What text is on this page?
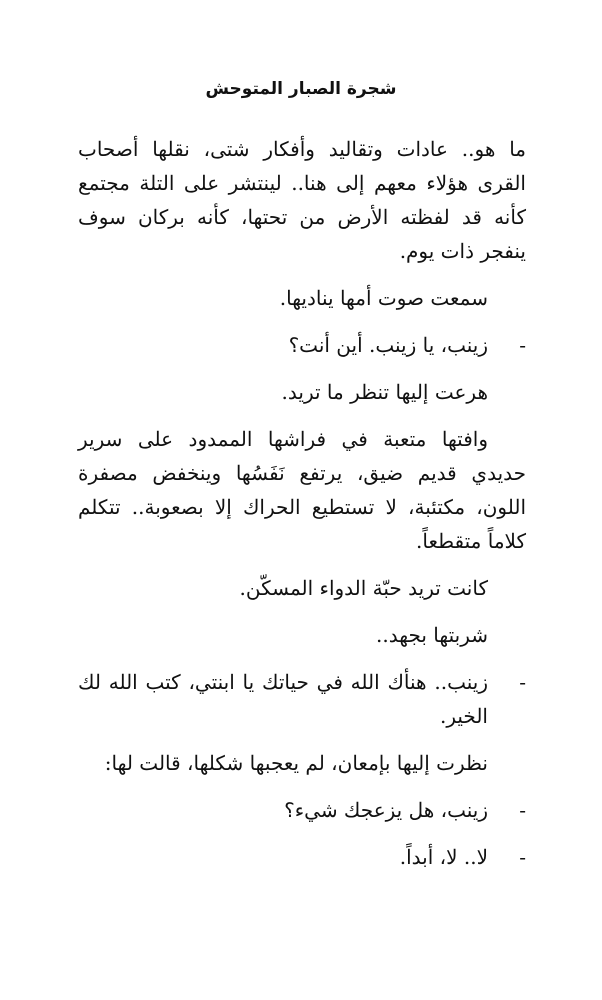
شجرة الصبار المتوحش

ما هو.. عادات وتقاليد وأفكار شتى، نقلها أصحاب القرى هؤلاء معهم إلى هنا.. لينتشر على التلة مجتمع كأنه قد لفظته الأرض من تحتها، كأنه بركان سوف ينفجر ذات يوم.

سمعت صوت أمها يناديها.

-
زينب، يا زينب. أين أنت؟

هرعت إليها تنظر ما تريد.

وافتها متعبة في فراشها الممدود على سرير حديدي قديم ضيق، يرتفع نَفَسُها وينخفض مصفرة اللون، مكتئبة، لا تستطيع الحراك إلا بصعوبة.. تتكلم كلاماً متقطعاً.

كانت تريد حبّة الدواء المسكّن.

شربتها بجهد..

-
زينب.. هنأك الله في حياتك يا ابنتي، كتب الله لك الخير.

نظرت إليها بإمعان، لم يعجبها شكلها، قالت لها:

-
زينب، هل يزعجك شيء؟
-
لا.. لا، أبداً.
